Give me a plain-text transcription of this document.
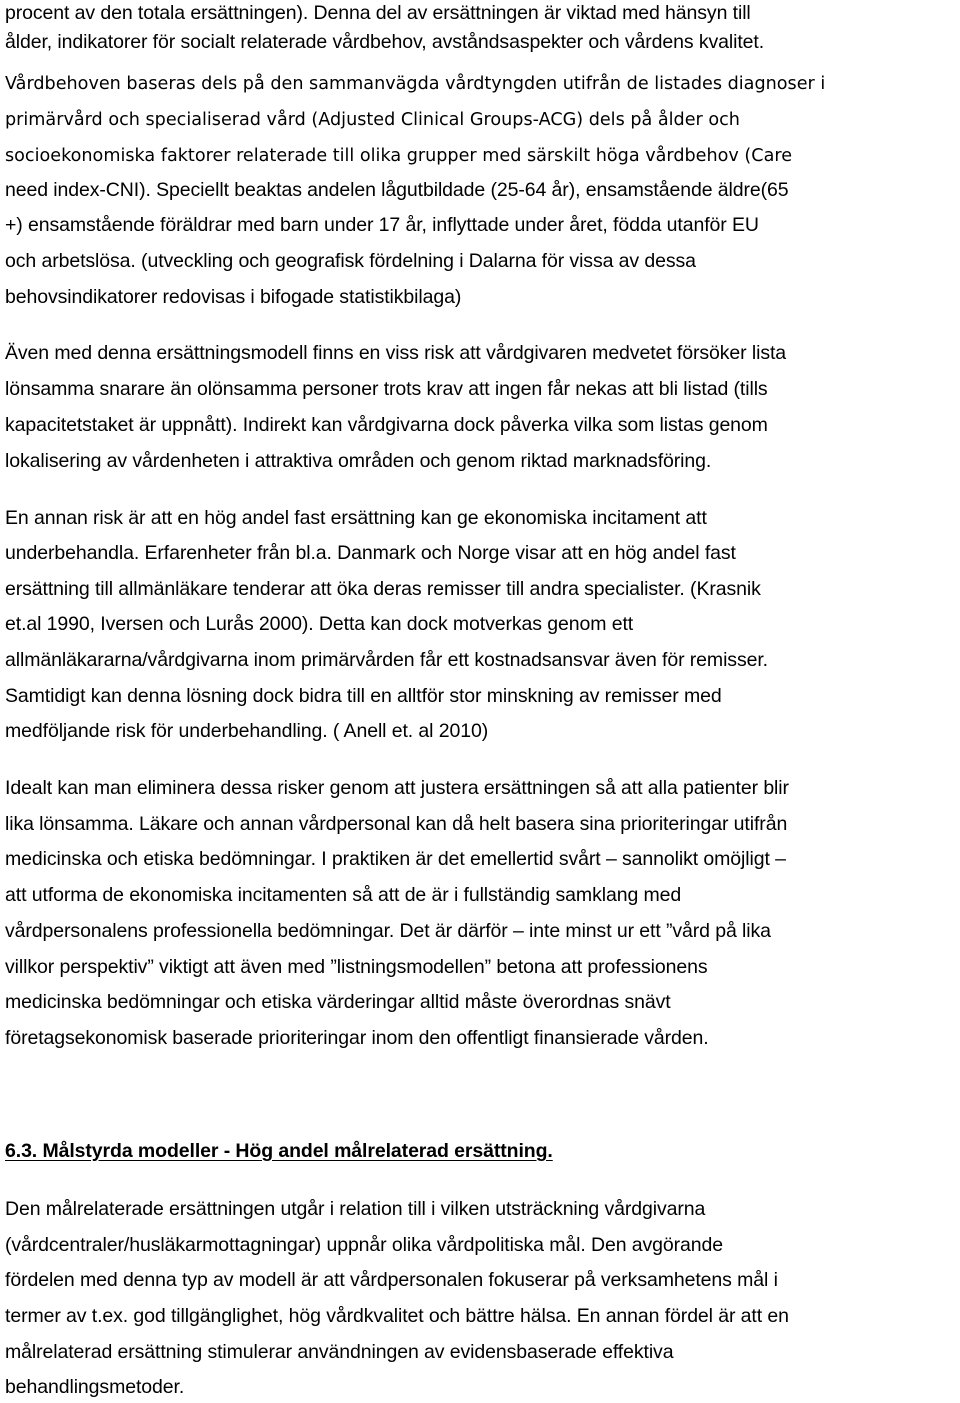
procent av den totala ersättningen). Denna del av ersättningen är viktad med hänsyn till
ålder, indikatorer för socialt relaterade vårdbehov, avståndsaspekter och vårdens kvalitet.
Vårdbehoven baseras dels på den sammanvägda vårdtyngden utifrån de listades diagnoser i
primärvård och specialiserad vård (Adjusted Clinical Groups-ACG) dels på ålder och
socioekonomiska faktorer relaterade till olika grupper med särskilt höga vårdbehov (Care
need index-CNI). Speciellt beaktas andelen lågutbildade (25-64 år), ensamstående äldre(65
+) ensamstående föräldrar med barn under 17 år, inflyttade under året, födda utanför EU
och arbetslösa. (utveckling och geografisk fördelning i Dalarna för vissa av dessa
behovsindikatorer redovisas i bifogade statistikbilaga)
Även med denna ersättningsmodell finns en viss risk att vårdgivaren medvetet försöker lista
lönsamma snarare än olönsamma personer trots krav att ingen får nekas att bli listad (tills
kapacitetstaket är uppnått). Indirekt kan vårdgivarna dock påverka vilka som listas genom
lokalisering av vårdenheten i attraktiva områden och genom riktad marknadsföring.
En annan risk är att en hög andel fast ersättning kan ge ekonomiska incitament att
underbehandla. Erfarenheter från bl.a. Danmark och Norge visar att en hög andel fast
ersättning till allmänläkare tenderar att öka deras remisser till andra specialister. (Krasnik
et.al 1990, Iversen och Lurås 2000). Detta kan dock motverkas genom ett
allmänläkararna/vårdgivarna inom primärvården får ett kostnadsansvar även för remisser.
Samtidigt kan denna lösning dock bidra till en alltför stor minskning av remisser med
medföljande risk för underbehandling. ( Anell et. al 2010)
Idealt kan man eliminera dessa risker genom att justera ersättningen så att alla patienter blir
lika lönsamma. Läkare och annan vårdpersonal kan då helt basera sina prioriteringar utifrån
medicinska och etiska bedömningar. I praktiken är det emellertid svårt – sannolikt omöjligt –
att utforma de ekonomiska incitamenten så att de är i fullständig samklang med
vårdpersonalens professionella bedömningar. Det är därför – inte minst ur ett ”vård på lika
villkor perspektiv” viktigt att även med ”listningsmodellen” betona att professionens
medicinska bedömningar och etiska värderingar alltid måste överordnas snävt
företagsekonomisk baserade prioriteringar inom den offentligt finansierade vården.
6.3. Målstyrda modeller - Hög andel målrelaterad ersättning.
Den målrelaterade ersättningen utgår i relation till i vilken utsträckning vårdgivarna
(vårdcentraler/husläkarmottagningar) uppnår olika vårdpolitiska mål. Den avgörande
fördelen med denna typ av modell är att vårdpersonalen fokuserar på verksamhetens mål i
termer av t.ex. god tillgänglighet, hög vårdkvalitet och bättre hälsa. En annan fördel är att en
målrelaterad ersättning stimulerar användningen av evidensbaserade effektiva
behandlingsmetoder.
